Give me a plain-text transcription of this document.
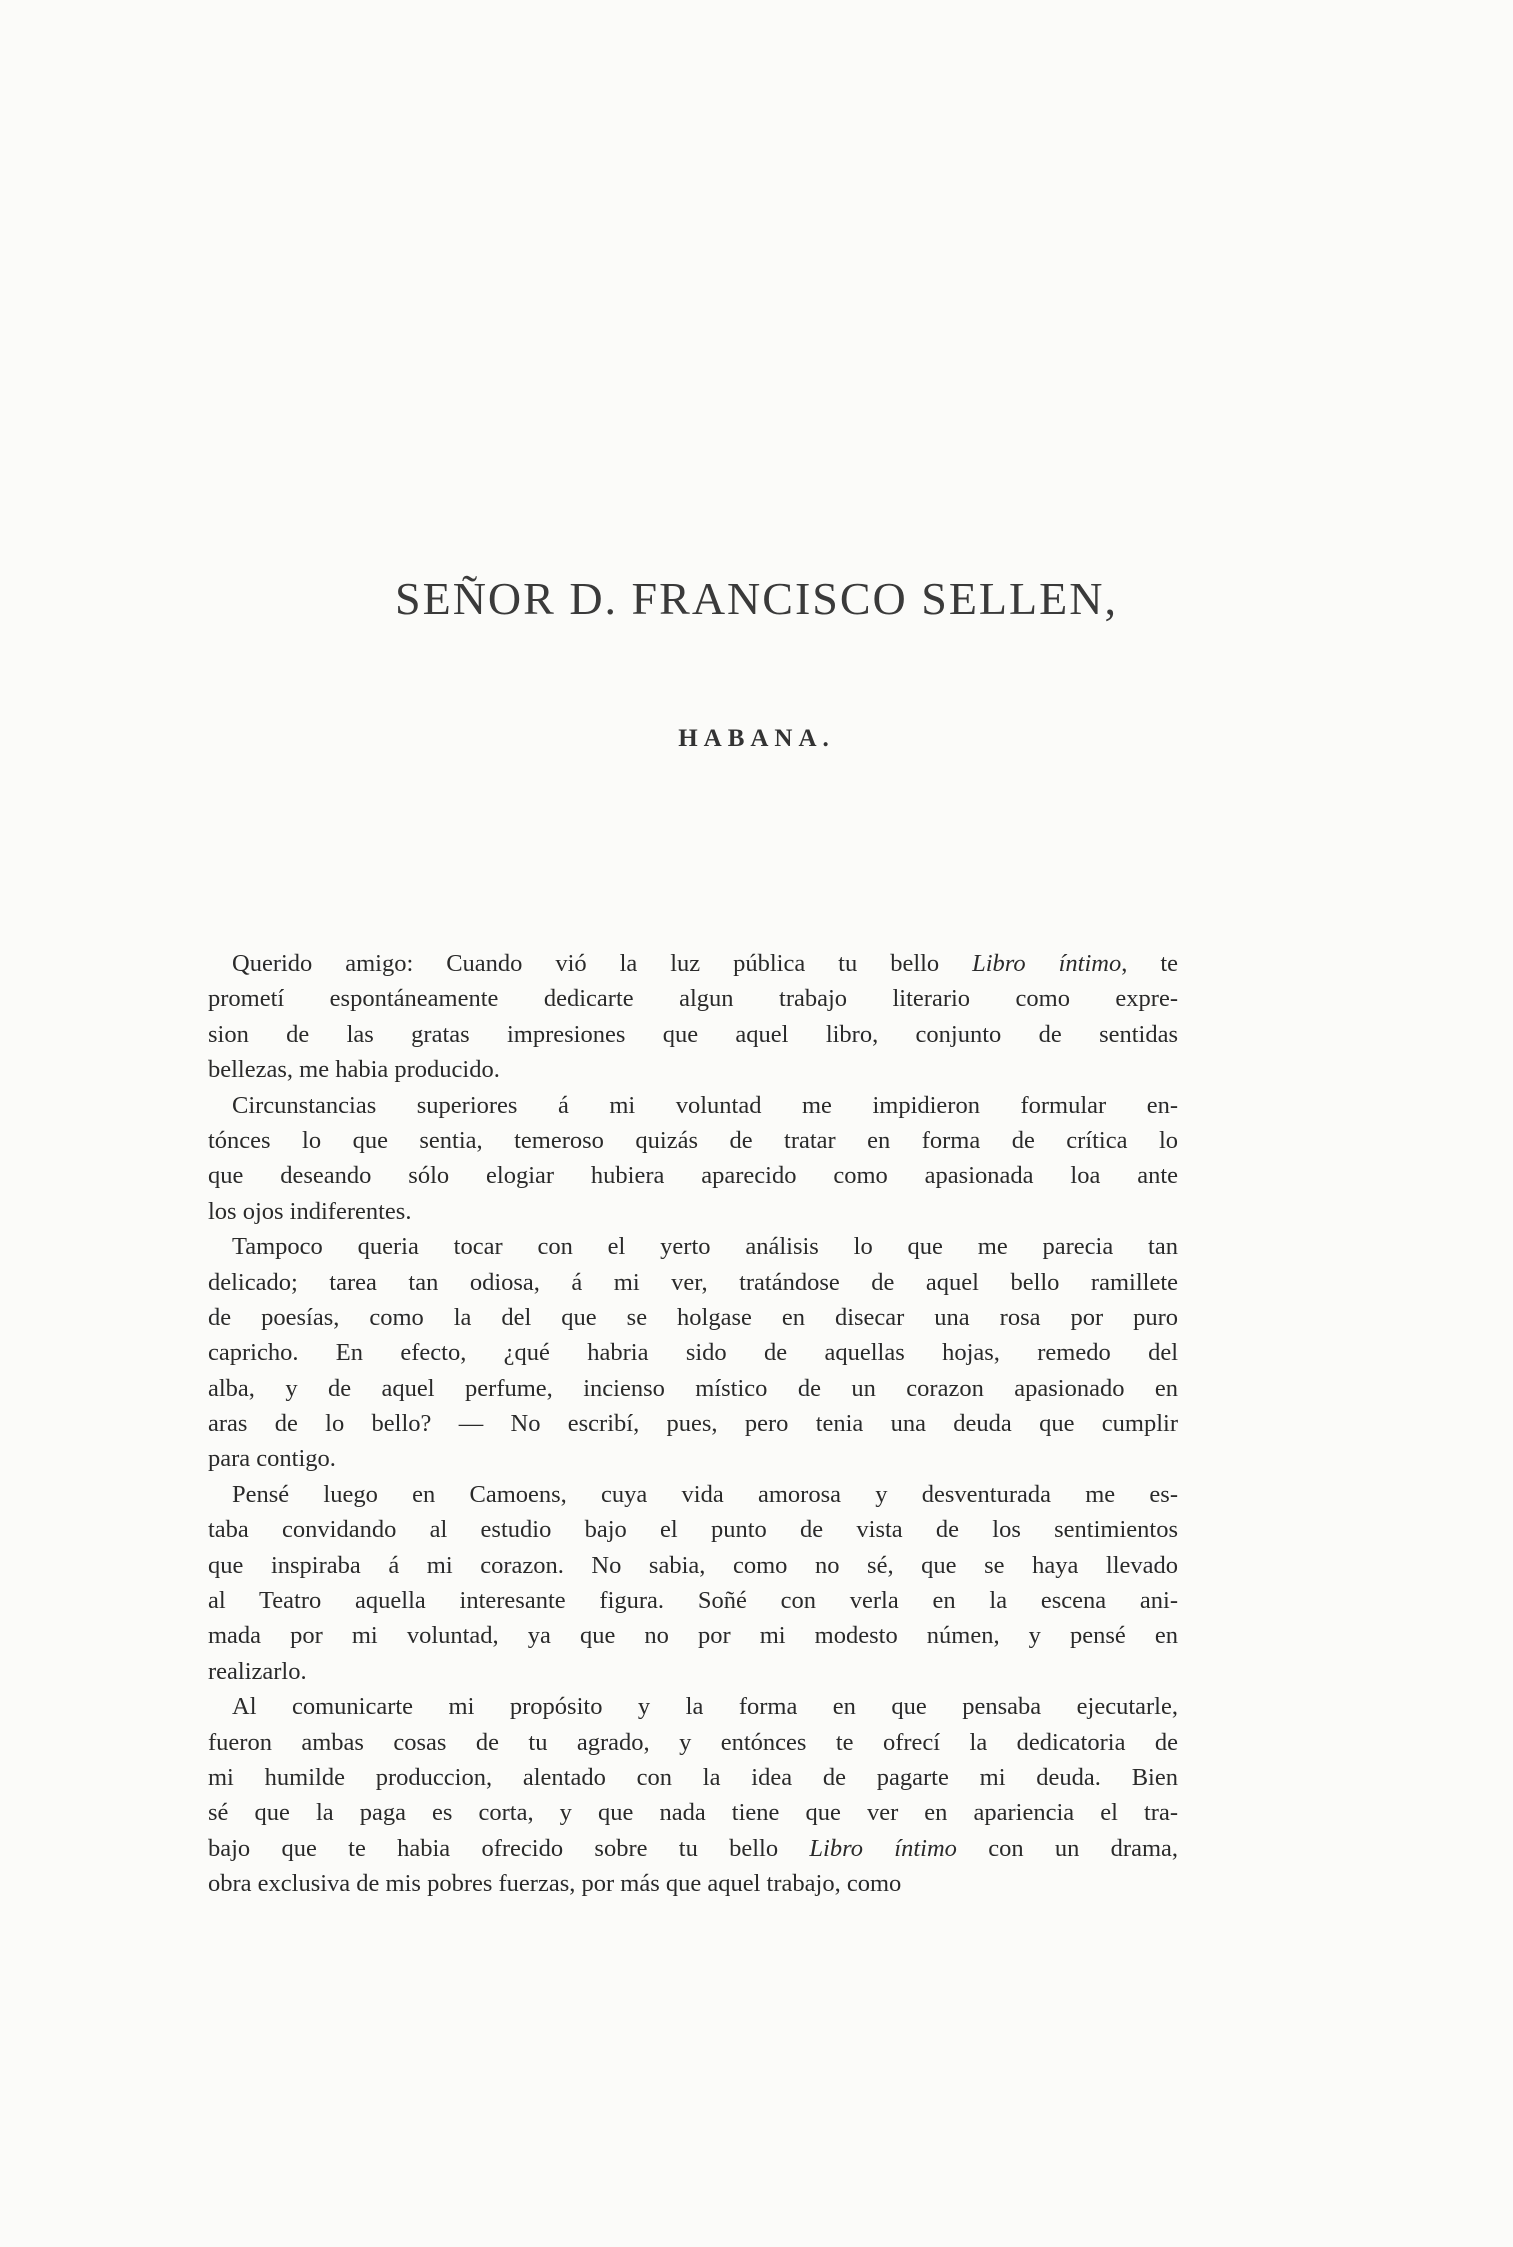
SEÑOR D. FRANCISCO SELLEN,
HABANA.
Querido amigo: Cuando vió la luz pública tu bello Libro íntimo, te
prometí espontáneamente dedicarte algun trabajo literario como expre-
sion de las gratas impresiones que aquel libro, conjunto de sentidas
bellezas, me habia producido.
Circunstancias superiores á mi voluntad me impidieron formular en-
tónces lo que sentia, temeroso quizás de tratar en forma de crítica lo
que deseando sólo elogiar hubiera aparecido como apasionada loa ante
los ojos indiferentes.
Tampoco queria tocar con el yerto análisis lo que me parecia tan
delicado; tarea tan odiosa, á mi ver, tratándose de aquel bello ramillete
de poesías, como la del que se holgase en disecar una rosa por puro
capricho. En efecto, ¿qué habria sido de aquellas hojas, remedo del
alba, y de aquel perfume, incienso místico de un corazon apasionado en
aras de lo bello? — No escribí, pues, pero tenia una deuda que cumplir
para contigo.
Pensé luego en Camoens, cuya vida amorosa y desventurada me es-
taba convidando al estudio bajo el punto de vista de los sentimientos
que inspiraba á mi corazon. No sabia, como no sé, que se haya llevado
al Teatro aquella interesante figura. Soñé con verla en la escena ani-
mada por mi voluntad, ya que no por mi modesto númen, y pensé en
realizarlo.
Al comunicarte mi propósito y la forma en que pensaba ejecutarle,
fueron ambas cosas de tu agrado, y entónces te ofrecí la dedicatoria de
mi humilde produccion, alentado con la idea de pagarte mi deuda. Bien
sé que la paga es corta, y que nada tiene que ver en apariencia el tra-
bajo que te habia ofrecido sobre tu bello Libro íntimo con un drama,
obra exclusiva de mis pobres fuerzas, por más que aquel trabajo, como
